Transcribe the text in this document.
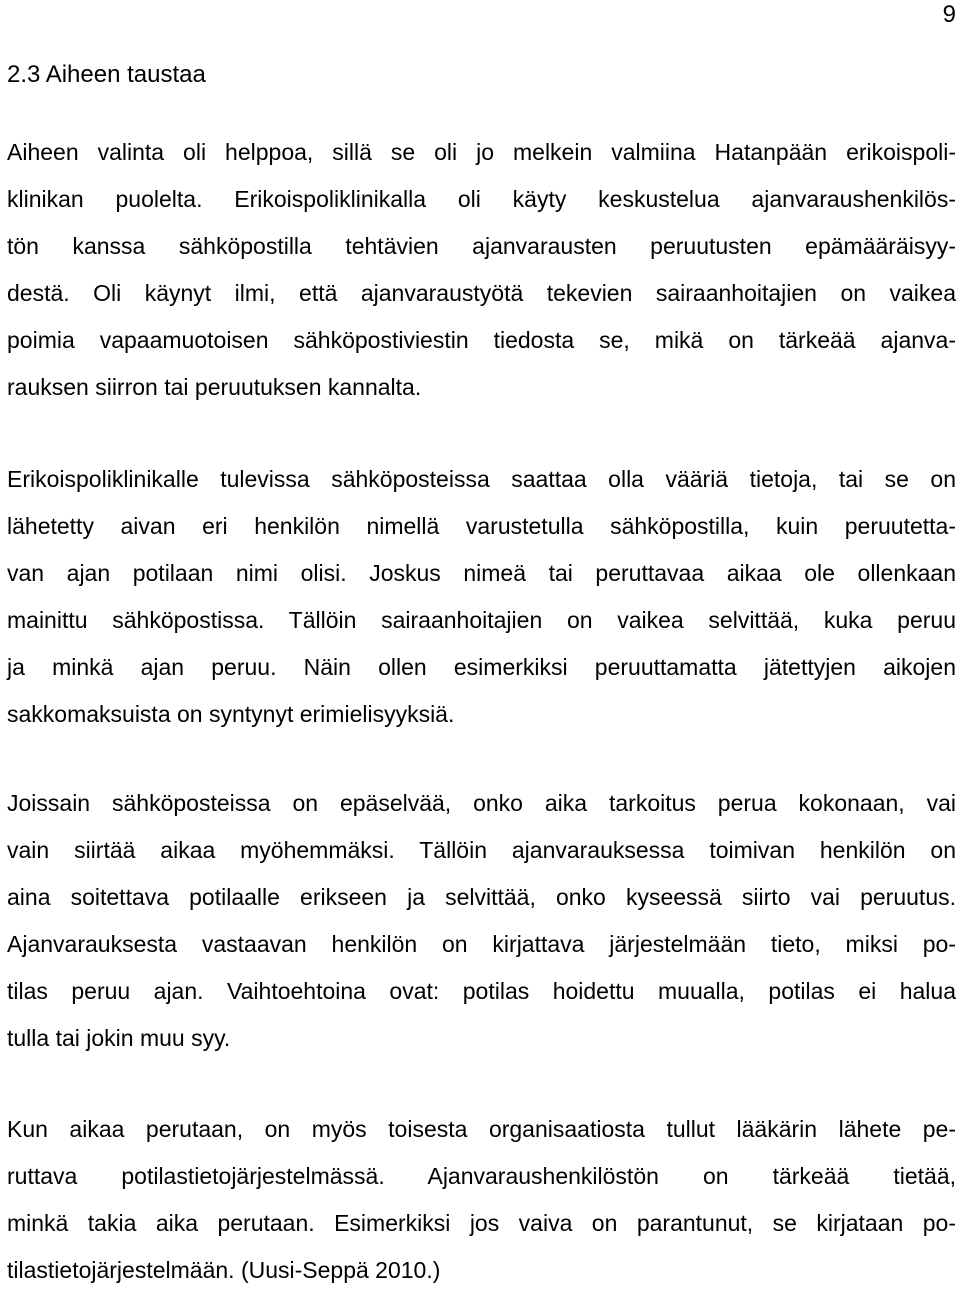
9
2.3 Aiheen taustaa
Aiheen valinta oli helppoa, sillä se oli jo melkein valmiina Hatanpään erikoispoli-
klinikan puolelta. Erikoispoliklinikalla oli käyty keskustelua ajanvaraushenkilös-
tön kanssa sähköpostilla tehtävien ajanvarausten peruutusten epämääräisyy-
destä. Oli käynyt ilmi, että ajanvaraustyötä tekevien sairaanhoitajien on vaikea
poimia vapaamuotoisen sähköpostiviestin tiedosta se, mikä on tärkeää ajanva-
rauksen siirron tai peruutuksen kannalta.
Erikoispoliklinikalle tulevissa sähköposteissa saattaa olla vääriä tietoja, tai se on
lähetetty aivan eri henkilön nimellä varustetulla sähköpostilla, kuin peruutetta-
van ajan potilaan nimi olisi. Joskus nimeä tai peruttavaa aikaa ole ollenkaan
mainittu sähköpostissa. Tällöin sairaanhoitajien on vaikea selvittää, kuka peruu
ja minkä ajan peruu. Näin ollen esimerkiksi peruuttamatta jätettyjen aikojen
sakkomaksuista on syntynyt erimielisyyksiä.
Joissain sähköposteissa on epäselvää, onko aika tarkoitus perua kokonaan, vai
vain siirtää aikaa myöhemmäksi. Tällöin ajanvarauksessa toimivan henkilön on
aina soitettava potilaalle erikseen ja selvittää, onko kyseessä siirto vai peruutus.
Ajanvarauksesta vastaavan henkilön on kirjattava järjestelmään tieto, miksi po-
tilas peruu ajan. Vaihtoehtoina ovat: potilas hoidettu muualla, potilas ei halua
tulla tai jokin muu syy.
Kun aikaa perutaan, on myös toisesta organisaatiosta tullut lääkärin lähete pe-
ruttava potilastietojärjestelmässä. Ajanvaraushenkilöstön on tärkeää tietää,
minkä takia aika perutaan. Esimerkiksi jos vaiva on parantunut, se kirjataan po-
tilastietojärjestelmään. (Uusi-Seppä 2010.)
